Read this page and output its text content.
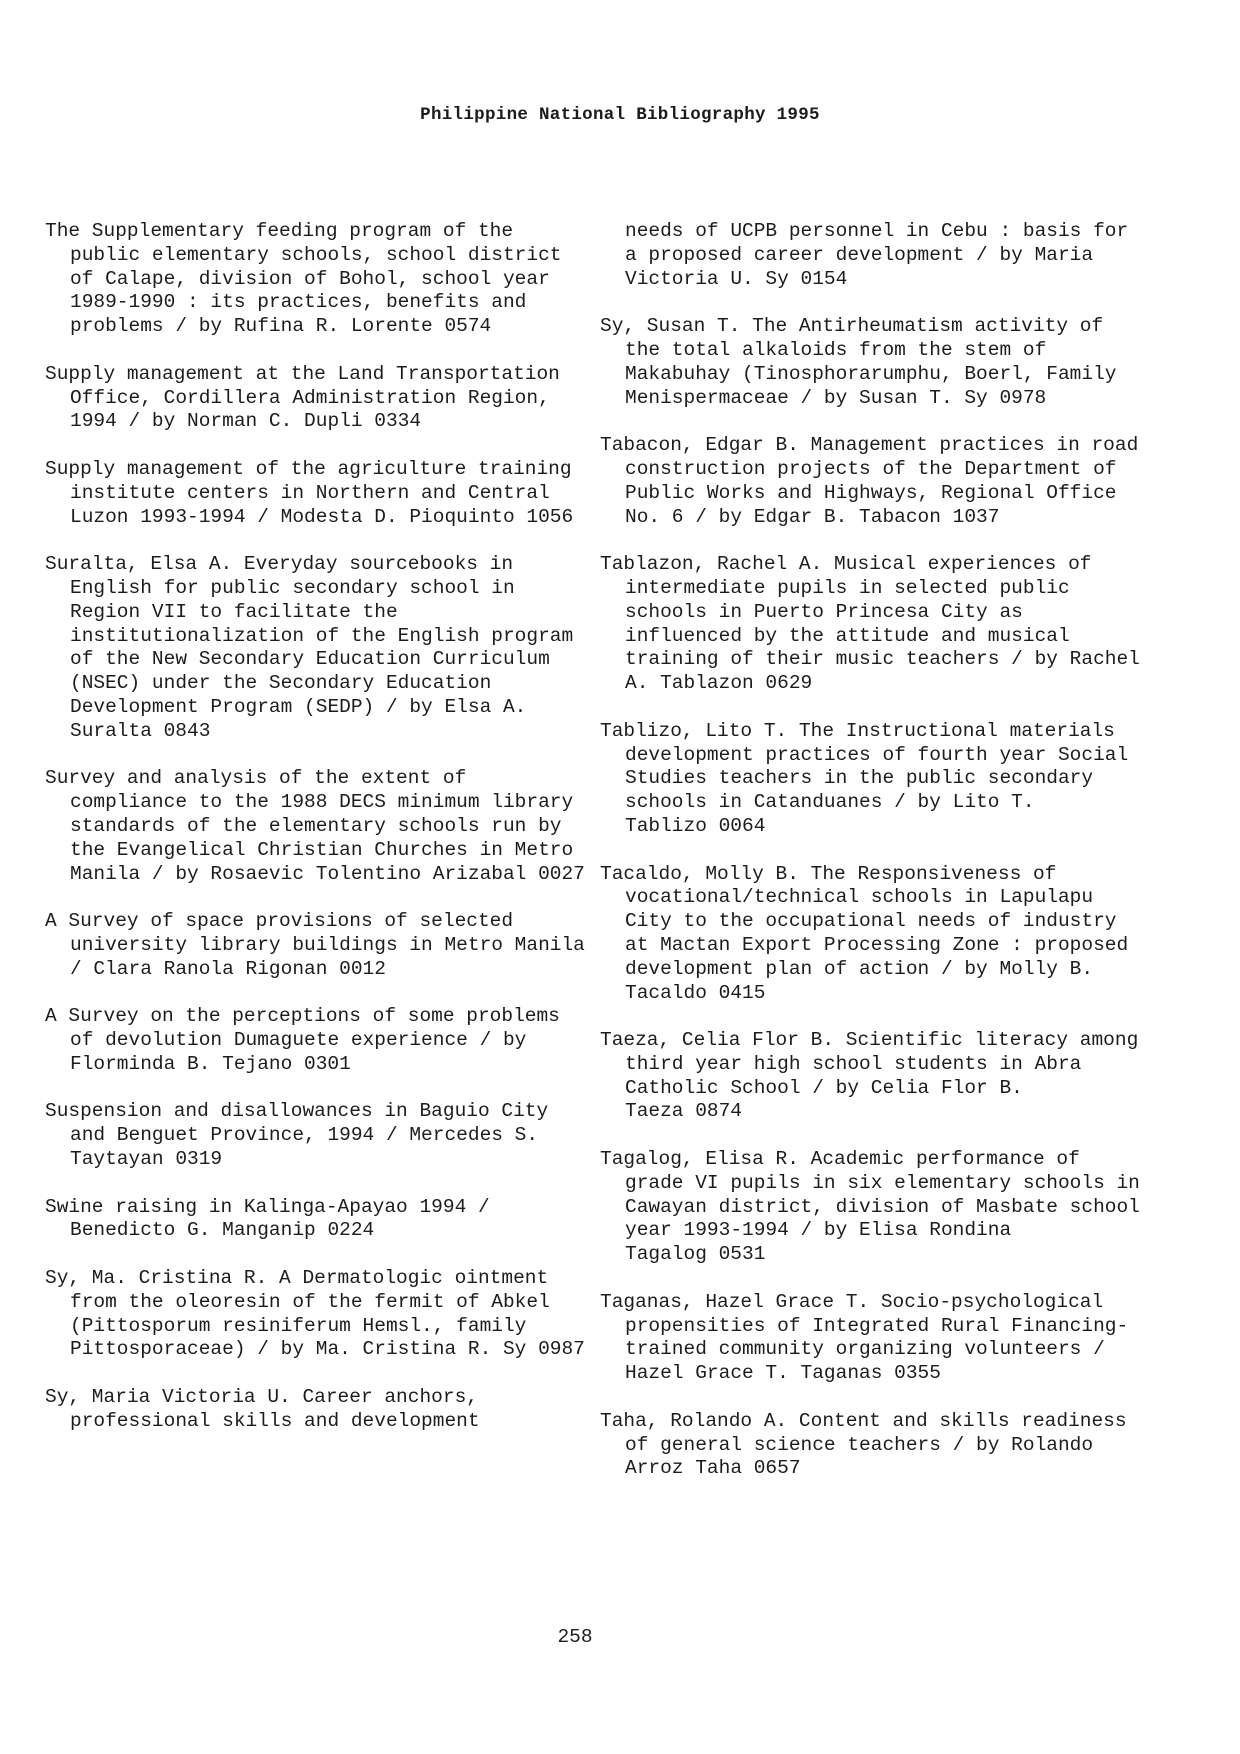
Philippine National Bibliography 1995

The Supplementary feeding program of the public elementary schools, school district of Calape, division of Bohol, school year 1989-1990 : its practices, benefits and problems / by Rufina R. Lorente 0574

Supply management at the Land Transportation Office, Cordillera Administration Region, 1994 / by Norman C. Dupli 0334

Supply management of the agriculture training institute centers in Northern and Central Luzon 1993-1994 / Modesta D. Pioquinto 1056

Suralta, Elsa A. Everyday sourcebooks in English for public secondary school in Region VII to facilitate the institutionalization of the English program of the New Secondary Education Curriculum (NSEC) under the Secondary Education Development Program (SEDP) / by Elsa A. Suralta 0843

Survey and analysis of the extent of compliance to the 1988 DECS minimum library standards of the elementary schools run by the Evangelical Christian Churches in Metro Manila / by Rosaevic Tolentino Arizabal 0027

A Survey of space provisions of selected university library buildings in Metro Manila / Clara Ranola Rigonan 0012

A Survey on the perceptions of some problems of devolution Dumaguete experience / by Florminda B. Tejano 0301

Suspension and disallowances in Baguio City and Benguet Province, 1994 / Mercedes S. Taytayan 0319

Swine raising in Kalinga-Apayao 1994 / Benedicto G. Manganip 0224

Sy, Ma. Cristina R. A Dermatologic ointment from the oleoresin of the fermit of Abkel (Pittosporum resiniferum Hemsl., family Pittosporaceae) / by Ma. Cristina R. Sy 0987

Sy, Maria Victoria U. Career anchors, professional skills and development

needs of UCPB personnel in Cebu : basis for a proposed career development / by Maria Victoria U. Sy 0154

Sy, Susan T. The Antirheumatism activity of the total alkaloids from the stem of Makabuhay (Tinosphorarumphu, Boerl, Family Menispermaceae / by Susan T. Sy 0978

Tabacon, Edgar B. Management practices in road construction projects of the Department of Public Works and Highways, Regional Office No. 6 / by Edgar B. Tabacon 1037

Tablazon, Rachel A. Musical experiences of intermediate pupils in selected public schools in Puerto Princesa City as influenced by the attitude and musical training of their music teachers / by Rachel A. Tablazon 0629

Tablizo, Lito T. The Instructional materials development practices of fourth year Social Studies teachers in the public secondary schools in Catanduanes / by Lito T. Tablizo 0064

Tacaldo, Molly B. The Responsiveness of vocational/technical schools in Lapulapu City to the occupational needs of industry at Mactan Export Processing Zone : proposed development plan of action / by Molly B. Tacaldo 0415

Taeza, Celia Flor B. Scientific literacy among third year high school students in Abra Catholic School / by Celia Flor B. Taeza 0874

Tagalog, Elisa R. Academic performance of grade VI pupils in six elementary schools in Cawayan district, division of Masbate school year 1993-1994 / by Elisa Rondina Tagalog 0531

Taganas, Hazel Grace T. Socio-psychological propensities of Integrated Rural Financing-trained community organizing volunteers / Hazel Grace T. Taganas 0355

Taha, Rolando A. Content and skills readiness of general science teachers / by Rolando Arroz Taha 0657

258
